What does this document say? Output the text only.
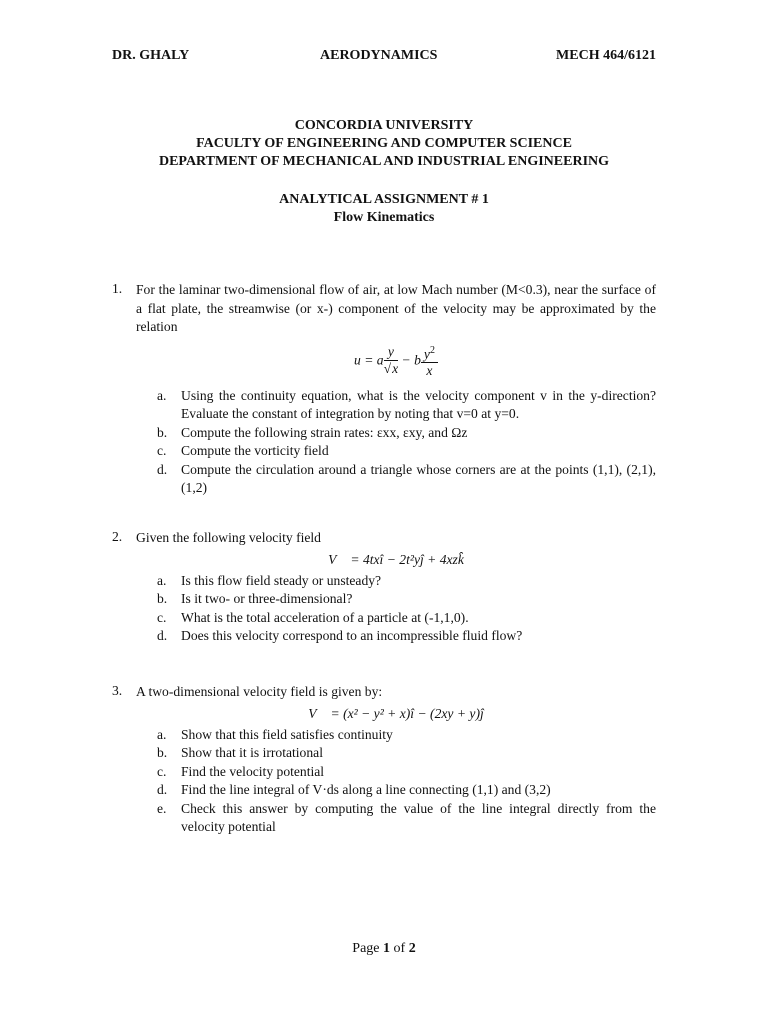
DR. GHALY	AERODYNAMICS	MECH 464/6121
CONCORDIA UNIVERSITY
FACULTY OF ENGINEERING AND COMPUTER SCIENCE
DEPARTMENT OF MECHANICAL AND INDUSTRIAL ENGINEERING
ANALYTICAL ASSIGNMENT # 1
Flow Kinematics
1.	For the laminar two-dimensional flow of air, at low Mach number (M<0.3), near the surface of a flat plate, the streamwise (or x-) component of the velocity may be approximated by the relation
u = a $\frac{y}{√x} - b \frac{y^2}{x}$
a. Using the continuity equation, what is the velocity component v in the y-direction? Evaluate the constant of integration by noting that v=0 at y=0.
b. Compute the following strain rates: εxx, εxy, and Ωz
c. Compute the vorticity field
d. Compute the circulation around a triangle whose corners are at the points (1,1), (2,1), (1,2)
2.	Given the following velocity field
V⃗ = 4txî − 2t²yĵ + 4xzk̂
a. Is this flow field steady or unsteady?
b. Is it two- or three-dimensional?
c. What is the total acceleration of a particle at (-1,1,0).
d. Does this velocity correspond to an incompressible fluid flow?
3.	A two-dimensional velocity field is given by:
V⃗ = (x² − y² + x)î − (2xy + y)ĵ
a. Show that this field satisfies continuity
b. Show that it is irrotational
c. Find the velocity potential
d. Find the line integral of V·ds along a line connecting (1,1) and (3,2)
e. Check this answer by computing the value of the line integral directly from the velocity potential
Page 1 of 2
